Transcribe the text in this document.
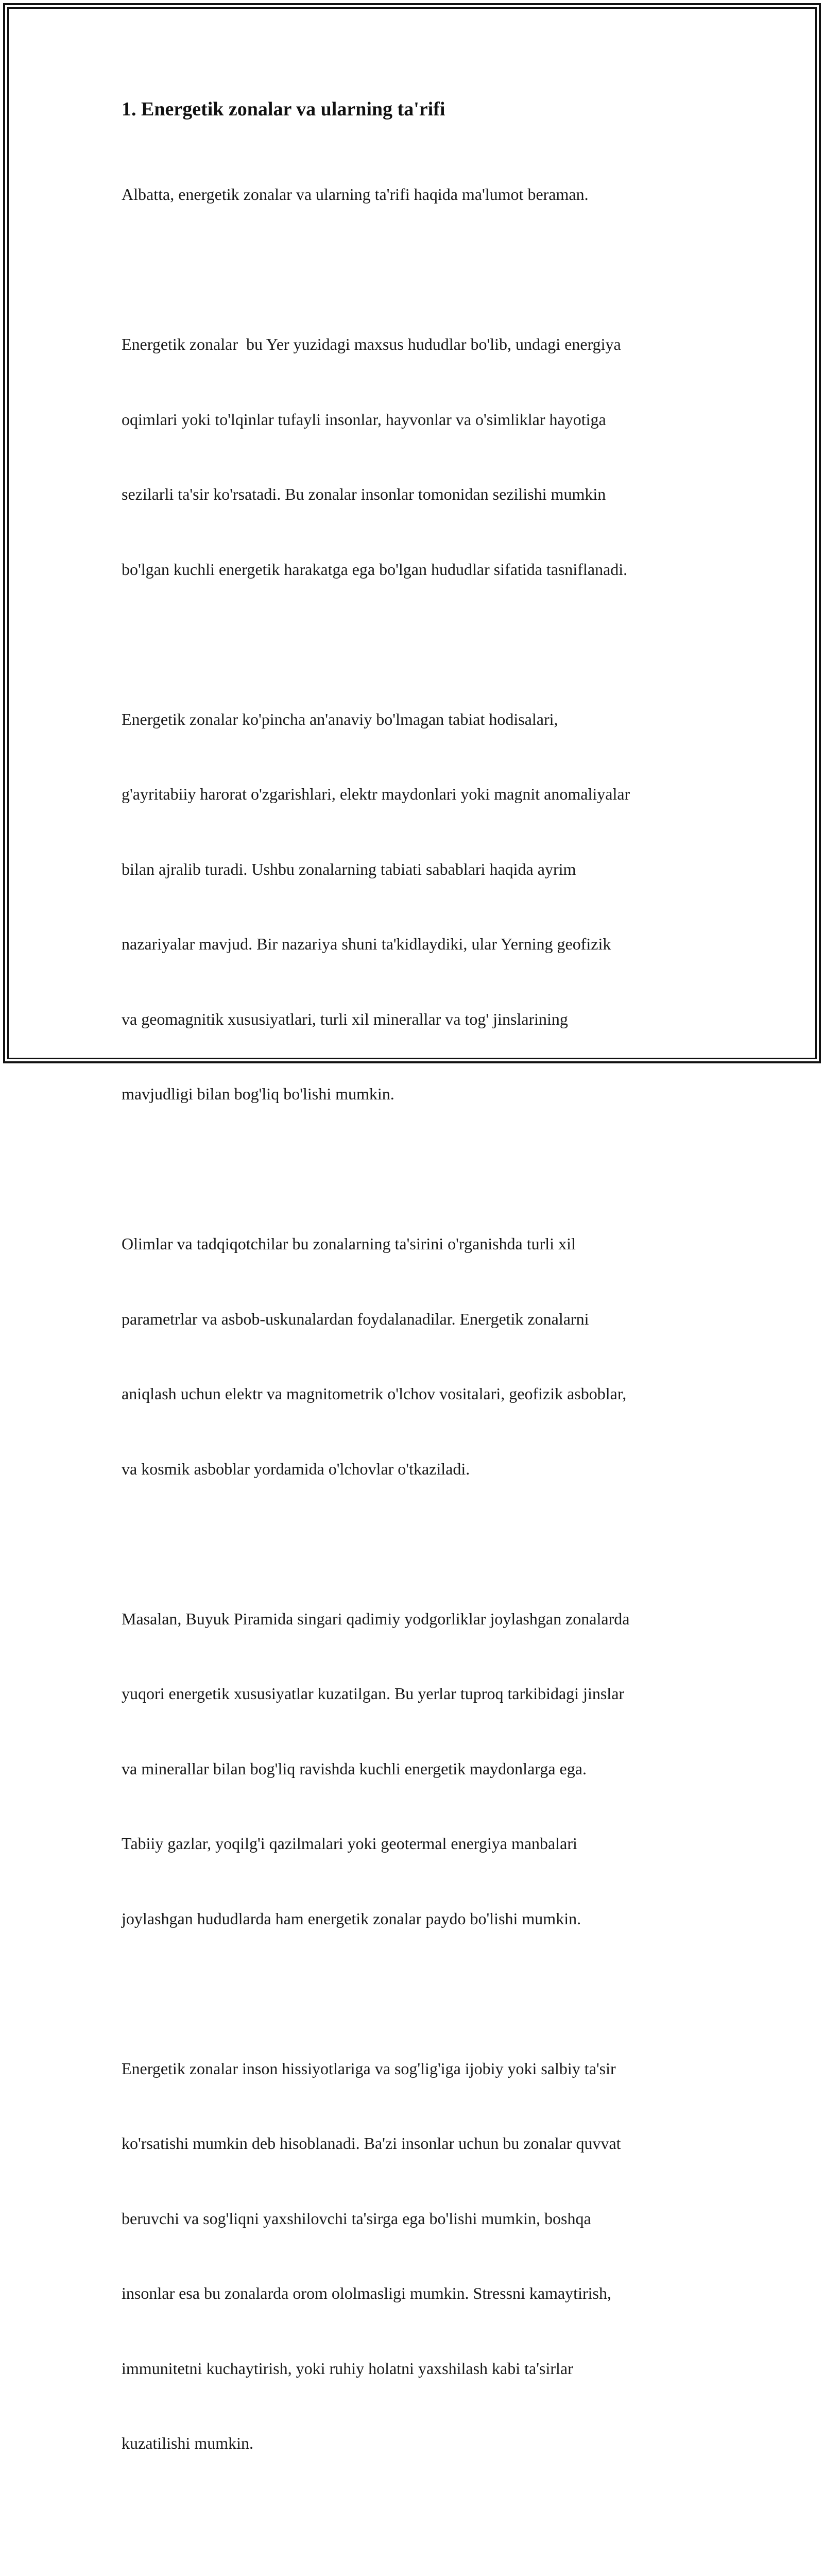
1. Energetik zonalar va ularning ta'rifi

Albatta, energetik zonalar va ularning ta'rifi haqida ma'lumot beraman.

Energetik zonalar  bu Yer yuzidagi maxsus hududlar bo'lib, undagi energiya

oqimlari yoki to'lqinlar tufayli insonlar, hayvonlar va o'simliklar hayotiga

sezilarli ta'sir ko'rsatadi. Bu zonalar insonlar tomonidan sezilishi mumkin

bo'lgan kuchli energetik harakatga ega bo'lgan hududlar sifatida tasniflanadi.

Energetik zonalar ko'pincha an'anaviy bo'lmagan tabiat hodisalari,

g'ayritabiiy harorat o'zgarishlari, elektr maydonlari yoki magnit anomaliyalar

bilan ajralib turadi. Ushbu zonalarning tabiati sabablari haqida ayrim

nazariyalar mavjud. Bir nazariya shuni ta'kidlaydiki, ular Yerning geofizik

va geomagnitik xususiyatlari, turli xil minerallar va tog' jinslarining

mavjudligi bilan bog'liq bo'lishi mumkin.

Olimlar va tadqiqotchilar bu zonalarning ta'sirini o'rganishda turli xil

parametrlar va asbob-uskunalardan foydalanadilar. Energetik zonalarni

aniqlash uchun elektr va magnitometrik o'lchov vositalari, geofizik asboblar,

va kosmik asboblar yordamida o'lchovlar o'tkaziladi.

Masalan, Buyuk Piramida singari qadimiy yodgorliklar joylashgan zonalarda

yuqori energetik xususiyatlar kuzatilgan. Bu yerlar tuproq tarkibidagi jinslar

va minerallar bilan bog'liq ravishda kuchli energetik maydonlarga ega.

Tabiiy gazlar, yoqilg'i qazilmalari yoki geotermal energiya manbalari

joylashgan hududlarda ham energetik zonalar paydo bo'lishi mumkin.

Energetik zonalar inson hissiyotlariga va sog'lig'iga ijobiy yoki salbiy ta'sir

ko'rsatishi mumkin deb hisoblanadi. Ba'zi insonlar uchun bu zonalar quvvat

beruvchi va sog'liqni yaxshilovchi ta'sirga ega bo'lishi mumkin, boshqa

insonlar esa bu zonalarda orom ololmasligi mumkin. Stressni kamaytirish,

immunitetni kuchaytirish, yoki ruhiy holatni yaxshilash kabi ta'sirlar

kuzatilishi mumkin.
